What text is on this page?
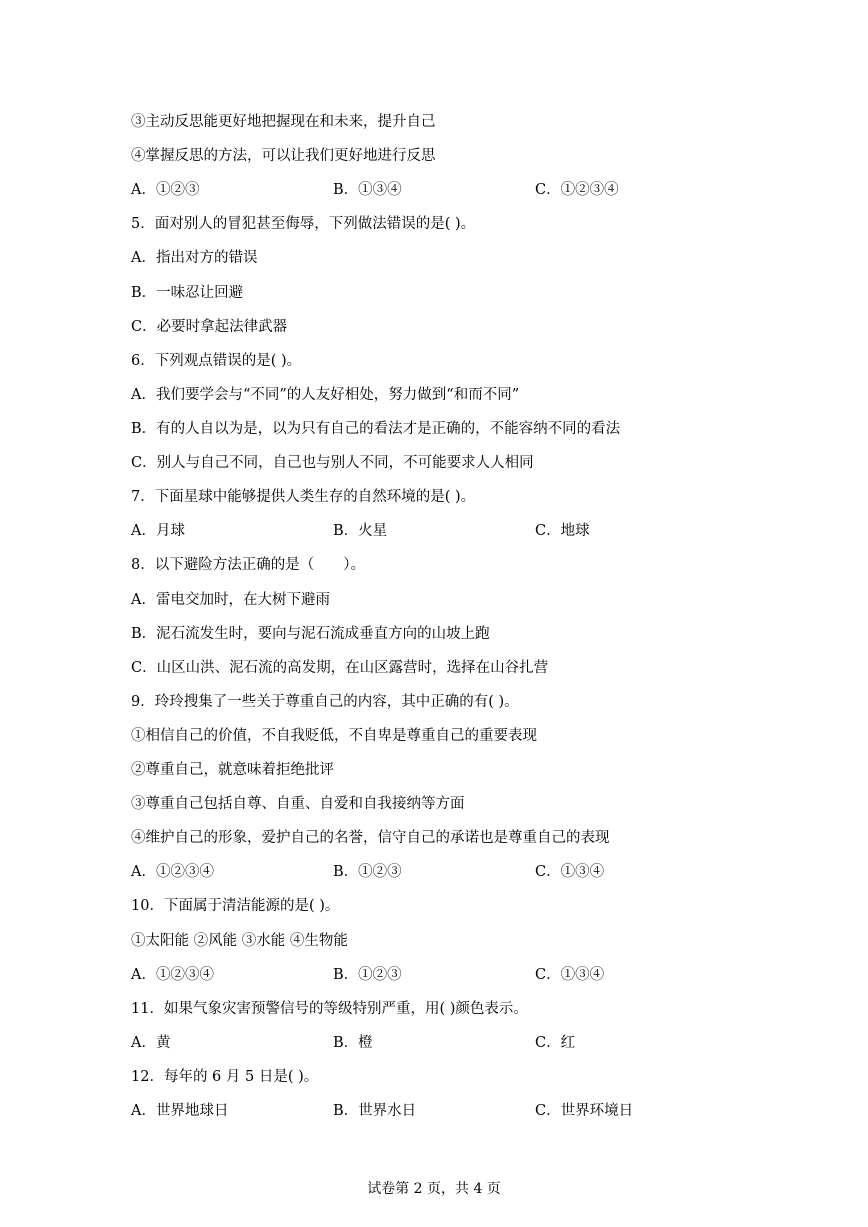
③主动反思能更好地把握现在和未来，提升自己
④掌握反思的方法，可以让我们更好地进行反思
A．①②③	B．①③④	C．①②③④
5．面对别人的冒犯甚至侮辱，下列做法错误的是( )。
A．指出对方的错误
B．一味忍让回避
C．必要时拿起法律武器
6．下列观点错误的是( )。
A．我们要学会与“不同”的人友好相处，努力做到“和而不同”
B．有的人自以为是，以为只有自己的看法才是正确的，不能容纳不同的看法
C．别人与自己不同，自己也与别人不同，不可能要求人人相同
7．下面星球中能够提供人类生存的自然环境的是( )。
A．月球	B．火星	C．地球
8．以下避险方法正确的是（　　）。
A．雷电交加时，在大树下避雨
B．泥石流发生时，要向与泥石流成垂直方向的山坡上跑
C．山区山洪、泥石流的高发期，在山区露营时，选择在山谷扎营
9．玲玲搜集了一些关于尊重自己的内容，其中正确的有( )。
①相信自己的价值，不自我贬低，不自卑是尊重自己的重要表现
②尊重自己，就意味着拒绝批评
③尊重自己包括自尊、自重、自爱和自我接纳等方面
④维护自己的形象，爱护自己的名誉，信守自己的承诺也是尊重自己的表现
A．①②③④	B．①②③	C．①③④
10．下面属于清洁能源的是( )。
①太阳能 ②风能 ③水能 ④生物能
A．①②③④	B．①②③	C．①③④
11．如果气象灾害预警信号的等级特别严重，用( )颜色表示。
A．黄	B．橙	C．红
12．每年的 6 月 5 日是( )。
A．世界地球日	B．世界水日	C．世界环境日
试卷第 2 页，共 4 页
